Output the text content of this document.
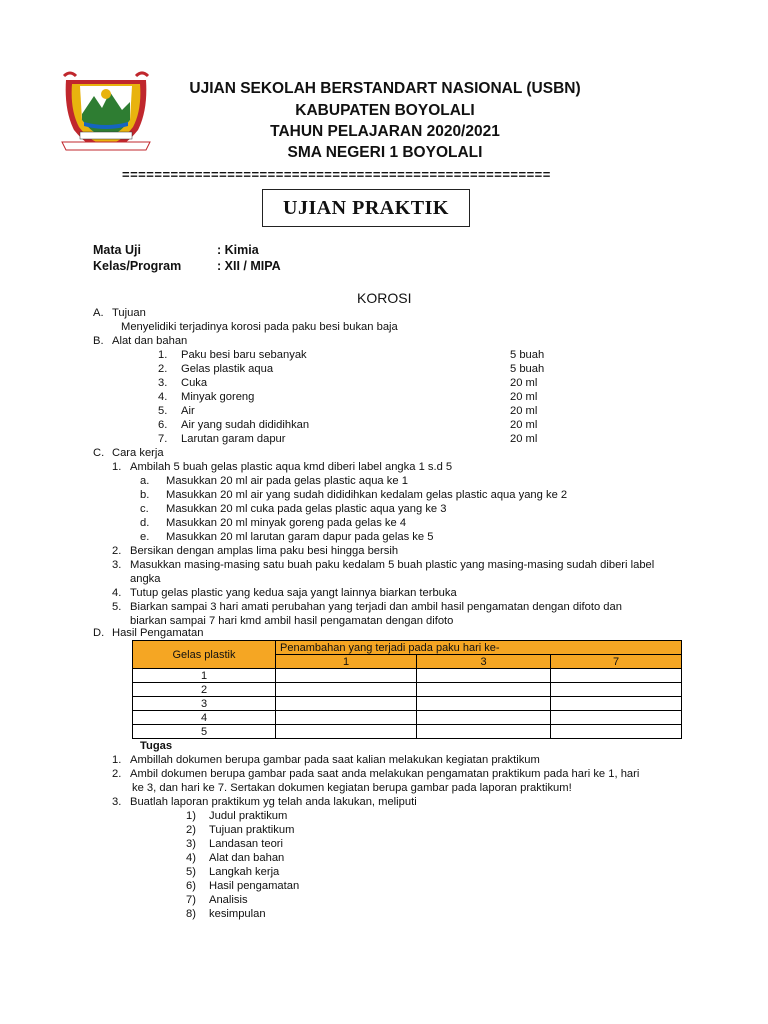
UJIAN SEKOLAH BERSTANDART NASIONAL (USBN)
KABUPATEN BOYOLALI
TAHUN PELAJARAN 2020/2021
SMA NEGERI 1 BOYOLALI
=====================================================
UJIAN PRAKTIK
Mata Uji	: Kimia
Kelas/Program	: XII / MIPA
KOROSI
A. Tujuan
Menyelidiki terjadinya korosi pada paku besi bukan baja
B. Alat dan bahan
1. Paku besi baru sebanyak	5 buah
2. Gelas plastik aqua	5 buah
3. Cuka	20 ml
4. Minyak goreng	20 ml
5. Air	20 ml
6. Air yang sudah dididihkan	20 ml
7. Larutan garam dapur	20 ml
C. Cara kerja
1. Ambilah 5 buah gelas plastic aqua kmd diberi label angka 1 s.d 5
a. Masukkan 20 ml air pada gelas plastic aqua ke 1
b. Masukkan 20 ml air yang sudah dididihkan kedalam gelas plastic aqua yang ke 2
c. Masukkan 20 ml cuka pada gelas plastic aqua yang ke 3
d. Masukkan 20 ml minyak goreng pada gelas ke 4
e. Masukkan 20 ml larutan garam dapur pada gelas ke 5
2. Bersikan dengan amplas lima paku besi hingga bersih
3. Masukkan masing-masing satu buah paku kedalam 5 buah plastic yang masing-masing sudah diberi label
angka
4. Tutup gelas plastic yang kedua saja yangt lainnya biarkan terbuka
5. Biarkan sampai 3 hari amati perubahan yang terjadi dan ambil hasil pengamatan dengan difoto dan
biarkan sampai 7 hari kmd ambil hasil pengamatan dengan difoto
D. Hasil Pengamatan
Gelas plastik	Penambahan yang terjadi pada paku hari ke-		
	1	3	7
1			
2			
3			
4			
5			
Tugas
1. Ambillah dokumen berupa gambar pada saat kalian melakukan kegiatan praktikum
2. Ambil dokumen berupa gambar pada saat anda melakukan pengamatan praktikum pada hari ke 1, hari
ke 3, dan hari ke 7. Sertakan dokumen kegiatan berupa gambar pada laporan praktikum!
3. Buatlah laporan praktikum yg telah anda lakukan, meliputi
1) Judul praktikum
2) Tujuan praktikum
3) Landasan teori
4) Alat dan bahan
5) Langkah kerja
6) Hasil pengamatan
7) Analisis
8) kesimpulan
